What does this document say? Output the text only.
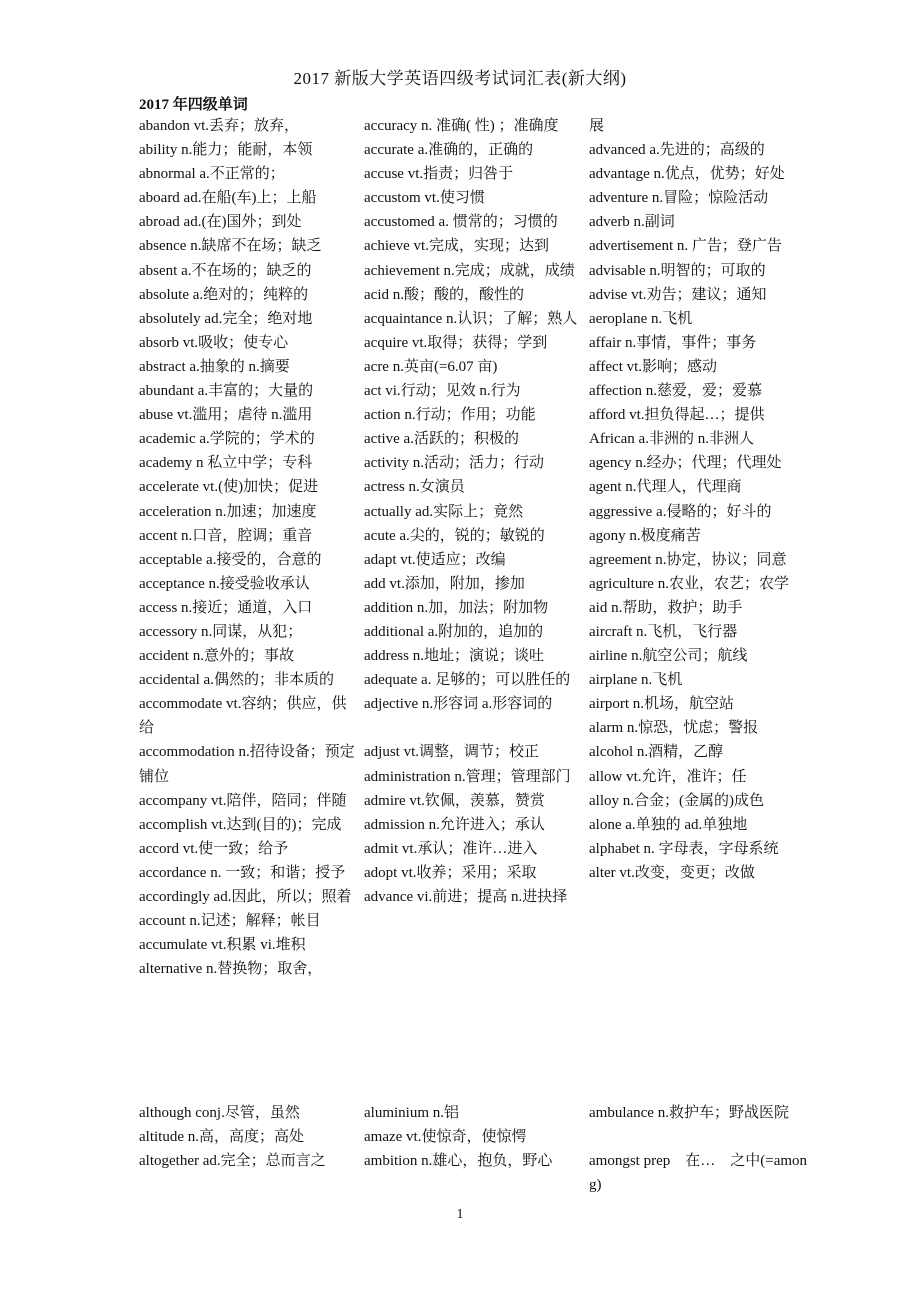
2017 新版大学英语四级考试词汇表(新大纲)
2017 年四级单词
abandon vt.丢弃；放弃，
ability n.能力；能耐，本领
abnormal a.不正常的；
aboard ad.在船(车)上；上船
abroad ad.(在)国外；到处
absence n.缺席不在场；缺乏
absent a.不在场的；缺乏的
absolute a.绝对的；纯粹的
absolutely ad.完全；绝对地
absorb vt.吸收；使专心
abstract a.抽象的 n.摘要
abundant a.丰富的；大量的
abuse vt.滥用；虐待 n.滥用
academic a.学院的；学术的
academy n 私立中学；专科
accelerate vt.(使)加快；促进
acceleration n.加速；加速度
accent n.口音，腔调；重音
acceptable a.接受的，合意的
acceptance n.接受验收承认
access n.接近；通道，入口
accessory n.同谋，从犯；
accident n.意外的；事故
accidental a.偶然的；非本质的
accommodate vt.容纳；供应，供给
accommodation n.招待设备；预定铺位
accompany vt.陪伴，陪同；伴随
accomplish vt.达到(目的)；完成
accord vt.使一致；给予
accordance n. 一致；和谐；授予
accordingly ad.因此，所以；照着
account n.记述；解释；帐目
accumulate vt.积累 vi.堆积
alternative n.替换物；取舍，
accuracy n. 准确( 性) ；准确度
accurate a.准确的，正确的
accuse vt.指责；归咎于
accustom vt.使习惯
accustomed a. 惯常的；习惯的
achieve vt.完成，实现；达到
achievement n.完成；成就，成绩
acid n.酸；酸的，酸性的
acquaintance n.认识；了解；熟人
acquire vt.取得；获得；学到
acre n.英亩(=6.07 亩)
act vi.行动；见效 n.行为
action n.行动；作用；功能
active a.活跃的；积极的
activity n.活动；活力；行动
actress n.女演员
actually ad.实际上；竟然
acute a.尖的，锐的；敏锐的
adapt vt.使适应；改编
add vt.添加，附加，掺加
addition n.加，加法；附加物
additional a.附加的，追加的
address n.地址；演说；谈吐
adequate a. 足够的；可以胜任的
adjective n.形容词 a.形容词的
adjust vt.调整，调节；校正
administration n.管理；管理部门
admire vt.钦佩，羡慕，赞赏
admission n.允许进入；承认
admit vt.承认；准许…进入
adopt vt.收养；采用；采取
advance vi.前进；提高 n.进抉择
展
advanced a.先进的；高级的
advantage n.优点，优势；好处
adventure n.冒险；惊险活动
adverb n.副词
advertisement n. 广告；登广告
advisable n.明智的；可取的
advise vt.劝告；建议；通知
aeroplane n.飞机
affair n.事情，事件；事务
affect vt.影响；感动
affection n.慈爱，爱；爱慕
afford vt.担负得起…；提供
African a.非洲的 n.非洲人
agency n.经办；代理；代理处
agent n.代理人，代理商
aggressive a.侵略的；好斗的
agony n.极度痛苦
agreement n.协定，协议；同意
agriculture n.农业，农艺；农学
aid n.帮助，救护；助手
aircraft n.飞机，飞行器
airline n.航空公司；航线
airplane n.飞机
airport n.机场，航空站
alarm n.惊恐，忧虑；警报
alcohol n.酒精，乙醇
allow vt.允许，准许；任
alloy n.合金；(金属的)成色
alone a.单独的 ad.单独地
alphabet n. 字母表，字母系统
alter vt.改变，变更；改做
although conj.尽管，虽然
altitude n.高，高度；高处
altogether ad.完全；总而言之
aluminium n.铝
amaze vt.使惊奇，使惊愕
ambition n.雄心，抱负，野心
ambulance n.救护车；野战医院
amongst prep　在…　之中(=among)
1
